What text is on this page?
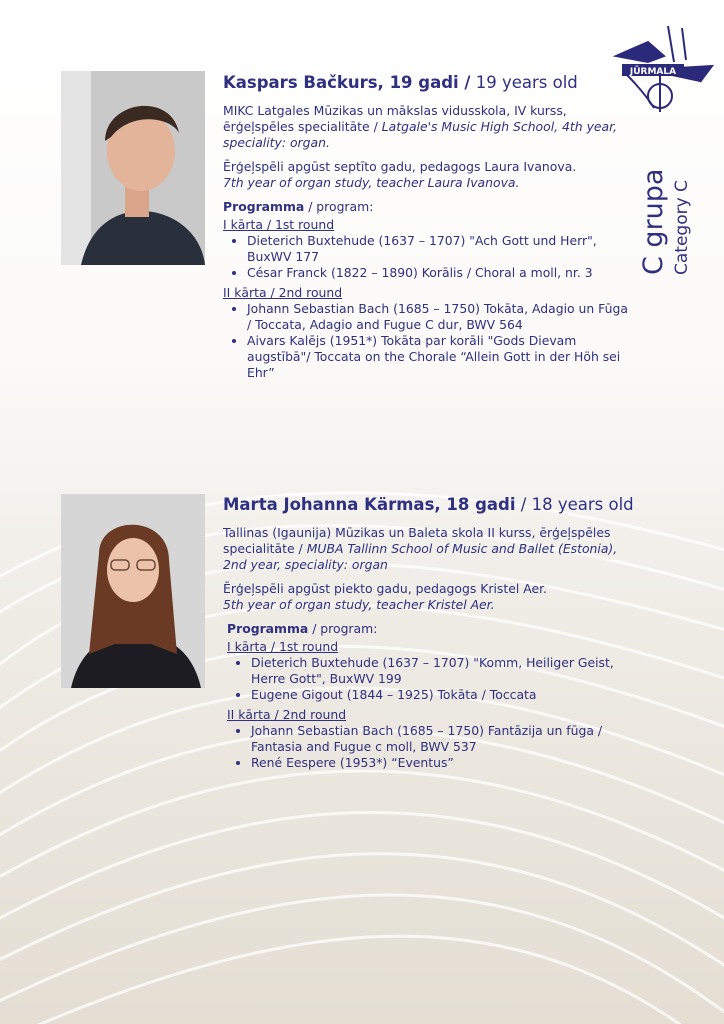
JŪRMALA
C grupa Category C
Kaspars Bačkurs, 19 gadi / 19 years old

MIKC Latgales Mūzikas un mākslas vidusskola, IV kurss, ērģeļspēles specialitāte / Latgale's Music High School, 4th year, speciality: organ.

Ērģeļspēli apgūst septīto gadu, pedagogs Laura Ivanova.
7th year of organ study, teacher Laura Ivanova.

Programma / program:
I kārta / 1st round
• Dieterich Buxtehude (1637 – 1707) "Ach Gott und Herr", BuxWV 177
• César Franck (1822 – 1890) Korālis / Choral a moll, nr. 3
II kārta / 2nd round
• Johann Sebastian Bach (1685 – 1750) Tokāta, Adagio un Fūga / Toccata, Adagio and Fugue C dur, BWV 564
• Aivars Kalējs (1951*) Tokāta par korāli "Gods Dievam augstībā"/ Toccata on the Chorale “Allein Gott in der Höh sei Ehr”
Marta Johanna Kärmas, 18 gadi / 18 years old

Tallinas (Igaunija) Mūzikas un Baleta skola II kurss, ērģeļspēles specialitāte / MUBA Tallinn School of Music and Ballet (Estonia), 2nd year, speciality: organ

Ērģeļspēli apgūst piekto gadu, pedagogs Kristel Aer.
5th year of organ study, teacher Kristel Aer.

Programma / program:
I kārta / 1st round
• Dieterich Buxtehude (1637 – 1707) "Komm, Heiliger Geist, Herre Gott", BuxWV 199
• Eugene Gigout (1844 – 1925) Tokāta / Toccata
II kārta / 2nd round
• Johann Sebastian Bach (1685 – 1750) Fantāzija un fūga / Fantasia and Fugue c moll, BWV 537
• René Eespere (1953*) “Eventus”
